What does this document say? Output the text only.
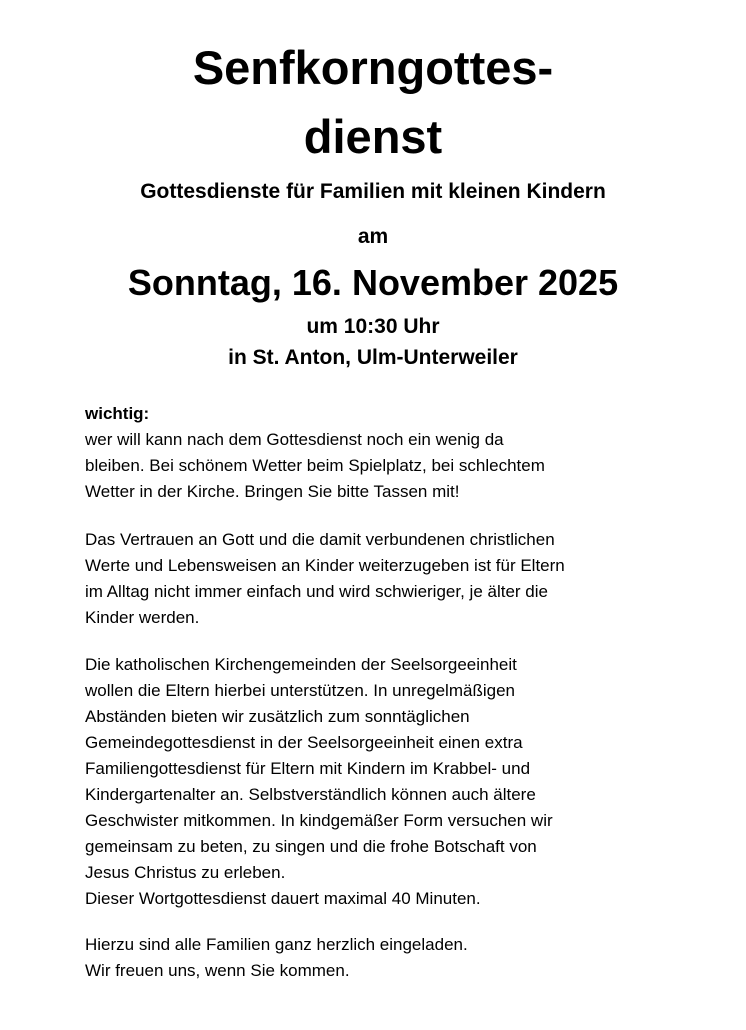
Senfkorngottes-
dienst
Gottesdienste für Familien mit kleinen Kindern
am
Sonntag, 16. November 2025
um 10:30 Uhr
in St. Anton, Ulm-Unterweiler
wichtig:
wer will kann nach dem Gottesdienst noch ein wenig da
bleiben. Bei schönem Wetter beim Spielplatz, bei schlechtem
Wetter in der Kirche. Bringen Sie bitte Tassen mit!
Das Vertrauen an Gott und die damit verbundenen christlichen
Werte und Lebensweisen an Kinder weiterzugeben ist für Eltern
im Alltag nicht immer einfach und wird schwieriger, je älter die
Kinder werden.
Die katholischen Kirchengemeinden der Seelsorgeeinheit
wollen die Eltern hierbei unterstützen. In unregelmäßigen
Abständen bieten wir zusätzlich zum sonntäglichen
Gemeindegottesdienst in der Seelsorgeeinheit einen extra
Familiengottesdienst für Eltern mit Kindern im Krabbel- und
Kindergartenalter an. Selbstverständlich können auch ältere
Geschwister mitkommen. In kindgemäßer Form versuchen wir
gemeinsam zu beten, zu singen und die frohe Botschaft von
Jesus Christus zu erleben.
Dieser Wortgottesdienst dauert maximal 40 Minuten.
Hierzu sind alle Familien ganz herzlich eingeladen.
Wir freuen uns, wenn Sie kommen.
